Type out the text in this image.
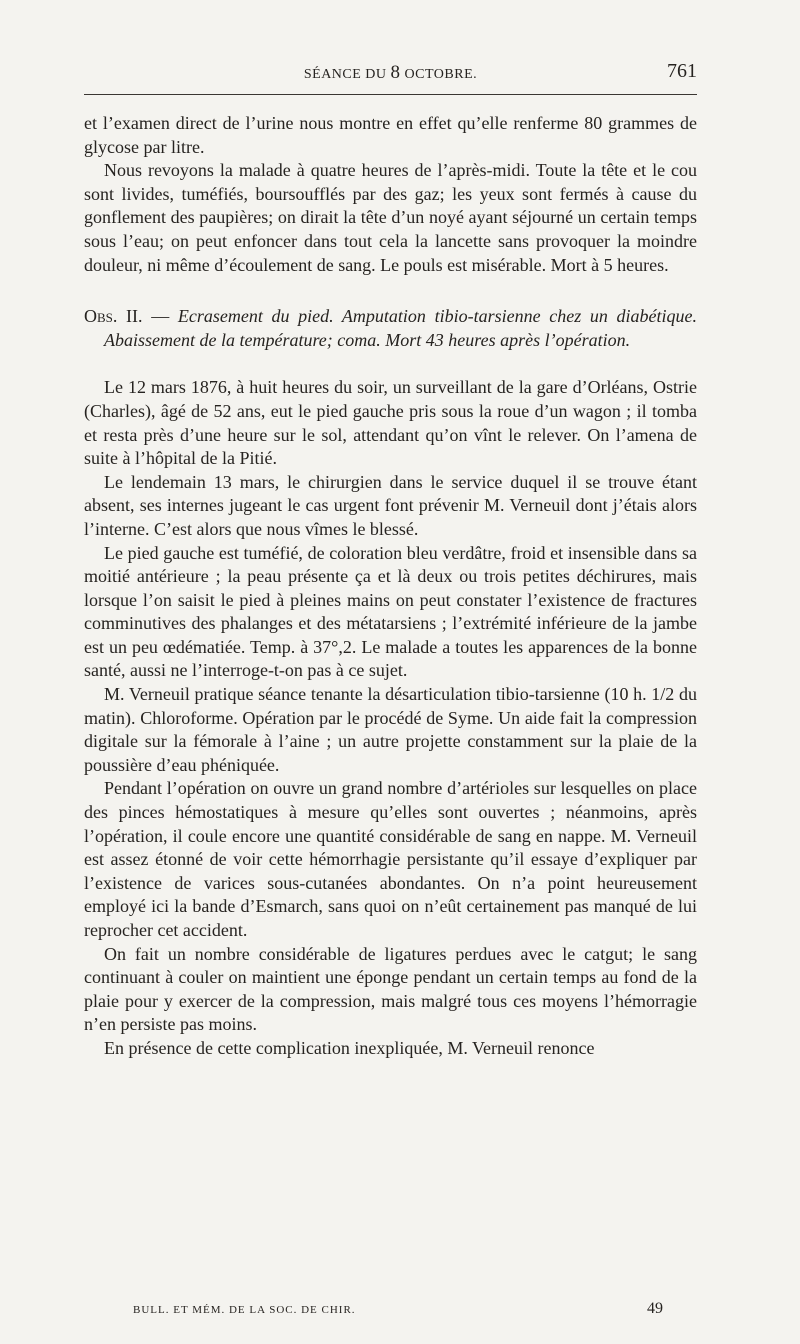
SÉANCE DU 8 OCTOBRE.	761

et l’examen direct de l’urine nous montre en effet qu’elle renferme 80 grammes de glycose par litre.

Nous revoyons la malade à quatre heures de l’après-midi. Toute la tête et le cou sont livides, tuméfiés, boursoufflés par des gaz; les yeux sont fermés à cause du gonflement des paupières; on dirait la tête d’un noyé ayant séjourné un certain temps sous l’eau; on peut enfoncer dans tout cela la lancette sans provoquer la moindre douleur, ni même d’écoulement de sang. Le pouls est misérable. Mort à 5 heures.

Obs. II. — Ecrasement du pied. Amputation tibio-tarsienne chez un diabétique. Abaissement de la température; coma. Mort 43 heures après l’opération.

Le 12 mars 1876, à huit heures du soir, un surveillant de la gare d’Orléans, Ostrie (Charles), âgé de 52 ans, eut le pied gauche pris sous la roue d’un wagon ; il tomba et resta près d’une heure sur le sol, attendant qu’on vînt le relever. On l’amena de suite à l’hôpital de la Pitié.

Le lendemain 13 mars, le chirurgien dans le service duquel il se trouve étant absent, ses internes jugeant le cas urgent font prévenir M. Verneuil dont j’étais alors l’interne. C’est alors que nous vîmes le blessé.

Le pied gauche est tuméfié, de coloration bleu verdâtre, froid et insensible dans sa moitié antérieure ; la peau présente ça et là deux ou trois petites déchirures, mais lorsque l’on saisit le pied à pleines mains on peut constater l’existence de fractures comminutives des phalanges et des métatarsiens ; l’extrémité inférieure de la jambe est un peu œdématiée. Temp. à 37°,2. Le malade a toutes les apparences de la bonne santé, aussi ne l’interroge-t-on pas à ce sujet.

M. Verneuil pratique séance tenante la désarticulation tibio-tarsienne (10 h. 1/2 du matin). Chloroforme. Opération par le procédé de Syme. Un aide fait la compression digitale sur la fémorale à l’aine ; un autre projette constamment sur la plaie de la poussière d’eau phéniquée.

Pendant l’opération on ouvre un grand nombre d’artérioles sur lesquelles on place des pinces hémostatiques à mesure qu’elles sont ouvertes ; néanmoins, après l’opération, il coule encore une quantité considérable de sang en nappe. M. Verneuil est assez étonné de voir cette hémorrhagie persistante qu’il essaye d’expliquer par l’existence de varices sous-cutanées abondantes. On n’a point heureusement employé ici la bande d’Esmarch, sans quoi on n’eût certainement pas manqué de lui reprocher cet accident.

On fait un nombre considérable de ligatures perdues avec le catgut; le sang continuant à couler on maintient une éponge pendant un certain temps au fond de la plaie pour y exercer de la compression, mais malgré tous ces moyens l’hémorragie n’en persiste pas moins.

En présence de cette complication inexpliquée, M. Verneuil renonce

BULL. ET MÉM. DE LA SOC. DE CHIR.	49
